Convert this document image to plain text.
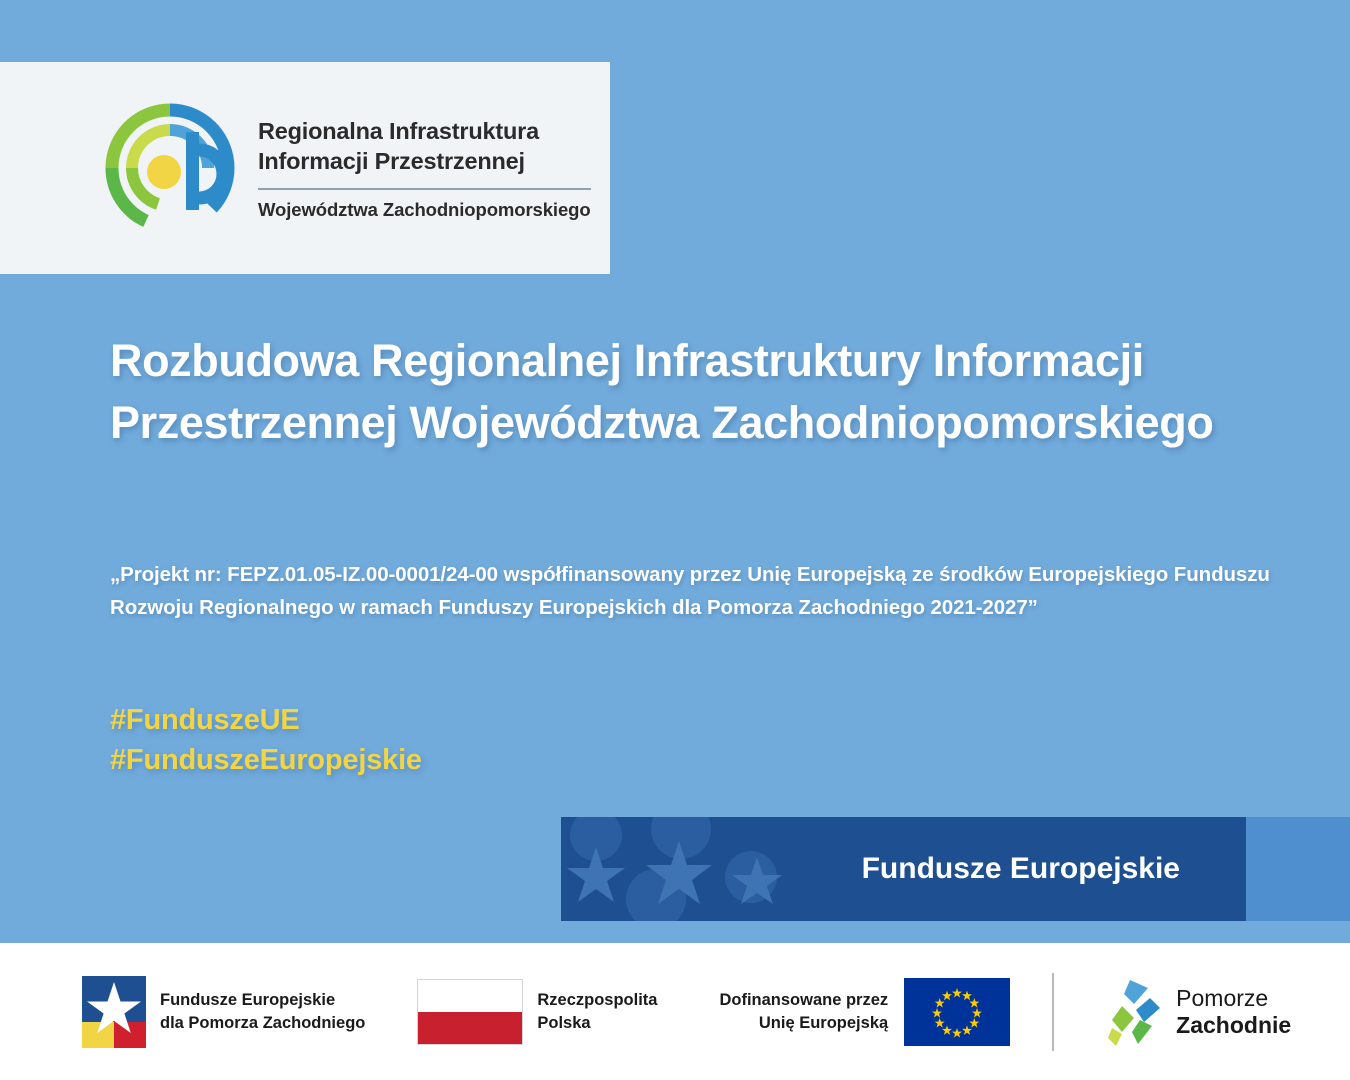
Regionalna Infrastruktura
Informacji Przestrzennej
Województwa Zachodniopomorskiego
Rozbudowa Regionalnej Infrastruktury Informacji Przestrzennej Województwa Zachodniopomorskiego

„Projekt nr: FEPZ.01.05-IZ.00-0001/24-00 współfinansowany przez Unię Europejską ze środków Europejskiego Funduszu Rozwoju Regionalnego w ramach Funduszy Europejskich dla Pomorza Zachodniego 2021-2027”

#FunduszeUE
#FunduszeEuropejskie
Fundusze Europejskie
Fundusze Europejskie
dla Pomorza Zachodniego
Rzeczpospolita
Polska
Dofinansowane przez
Unię Europejską
Pomorze
Zachodnie
